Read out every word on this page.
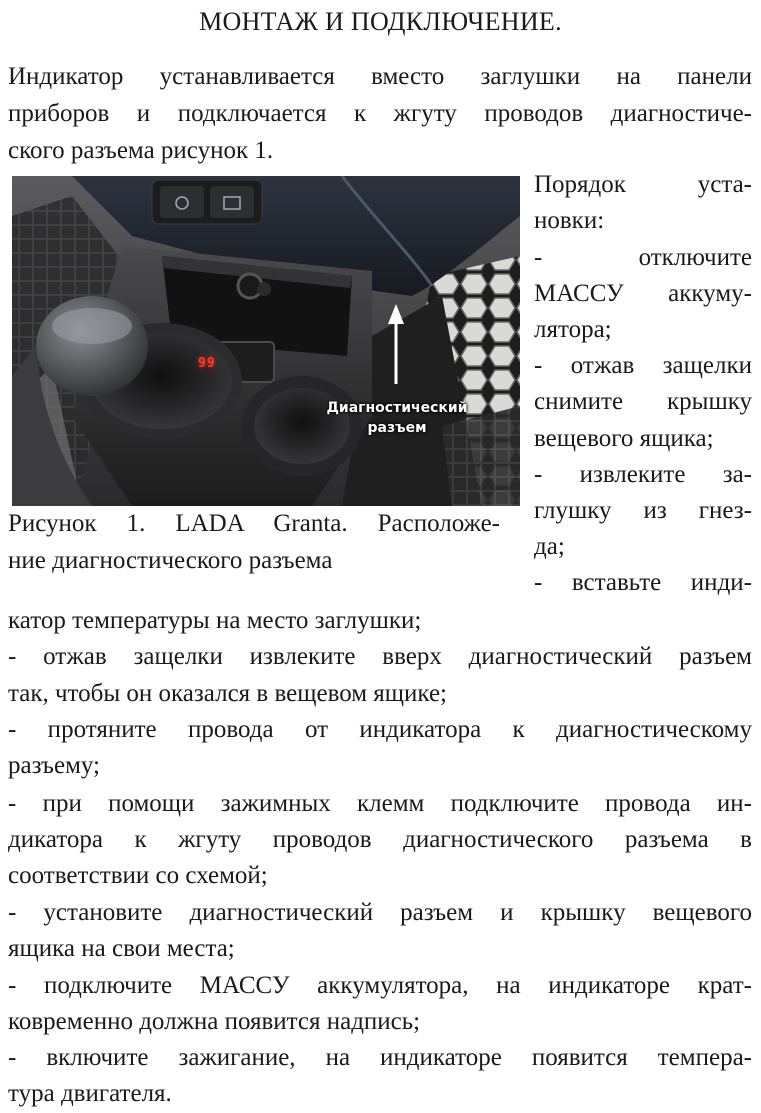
МОНТАЖ И ПОДКЛЮЧЕНИЕ.
Индикатор устанавливается вместо заглушки на панели
приборов и подключается к жгуту проводов диагностиче-
ского разъема рисунок 1.
99
Диагностический
разъем
Рисунок 1. LADA Granta. Расположе-
ние диагностического разъема
Порядок уста-
новки:
- отключите
МАССУ аккуму-
лятора;
- отжав защелки
снимите крышку
вещевого ящика;
- извлеките за-
глушку из гнез-
да;
- вставьте инди-
катор температуры на место заглушки;
- отжав защелки извлеките вверх диагностический разъем
так, чтобы он оказался в вещевом ящике;
- протяните провода от индикатора к диагностическому
разъему;
- при помощи зажимных клемм подключите провода ин-
дикатора к жгуту проводов диагностического разъема в
соответствии со схемой;
- установите диагностический разъем и крышку вещевого
ящика на свои места;
- подключите МАССУ аккумулятора, на индикаторе крат-
ковременно должна появится надпись;
- включите зажигание, на индикаторе появится темпера-
тура двигателя.
